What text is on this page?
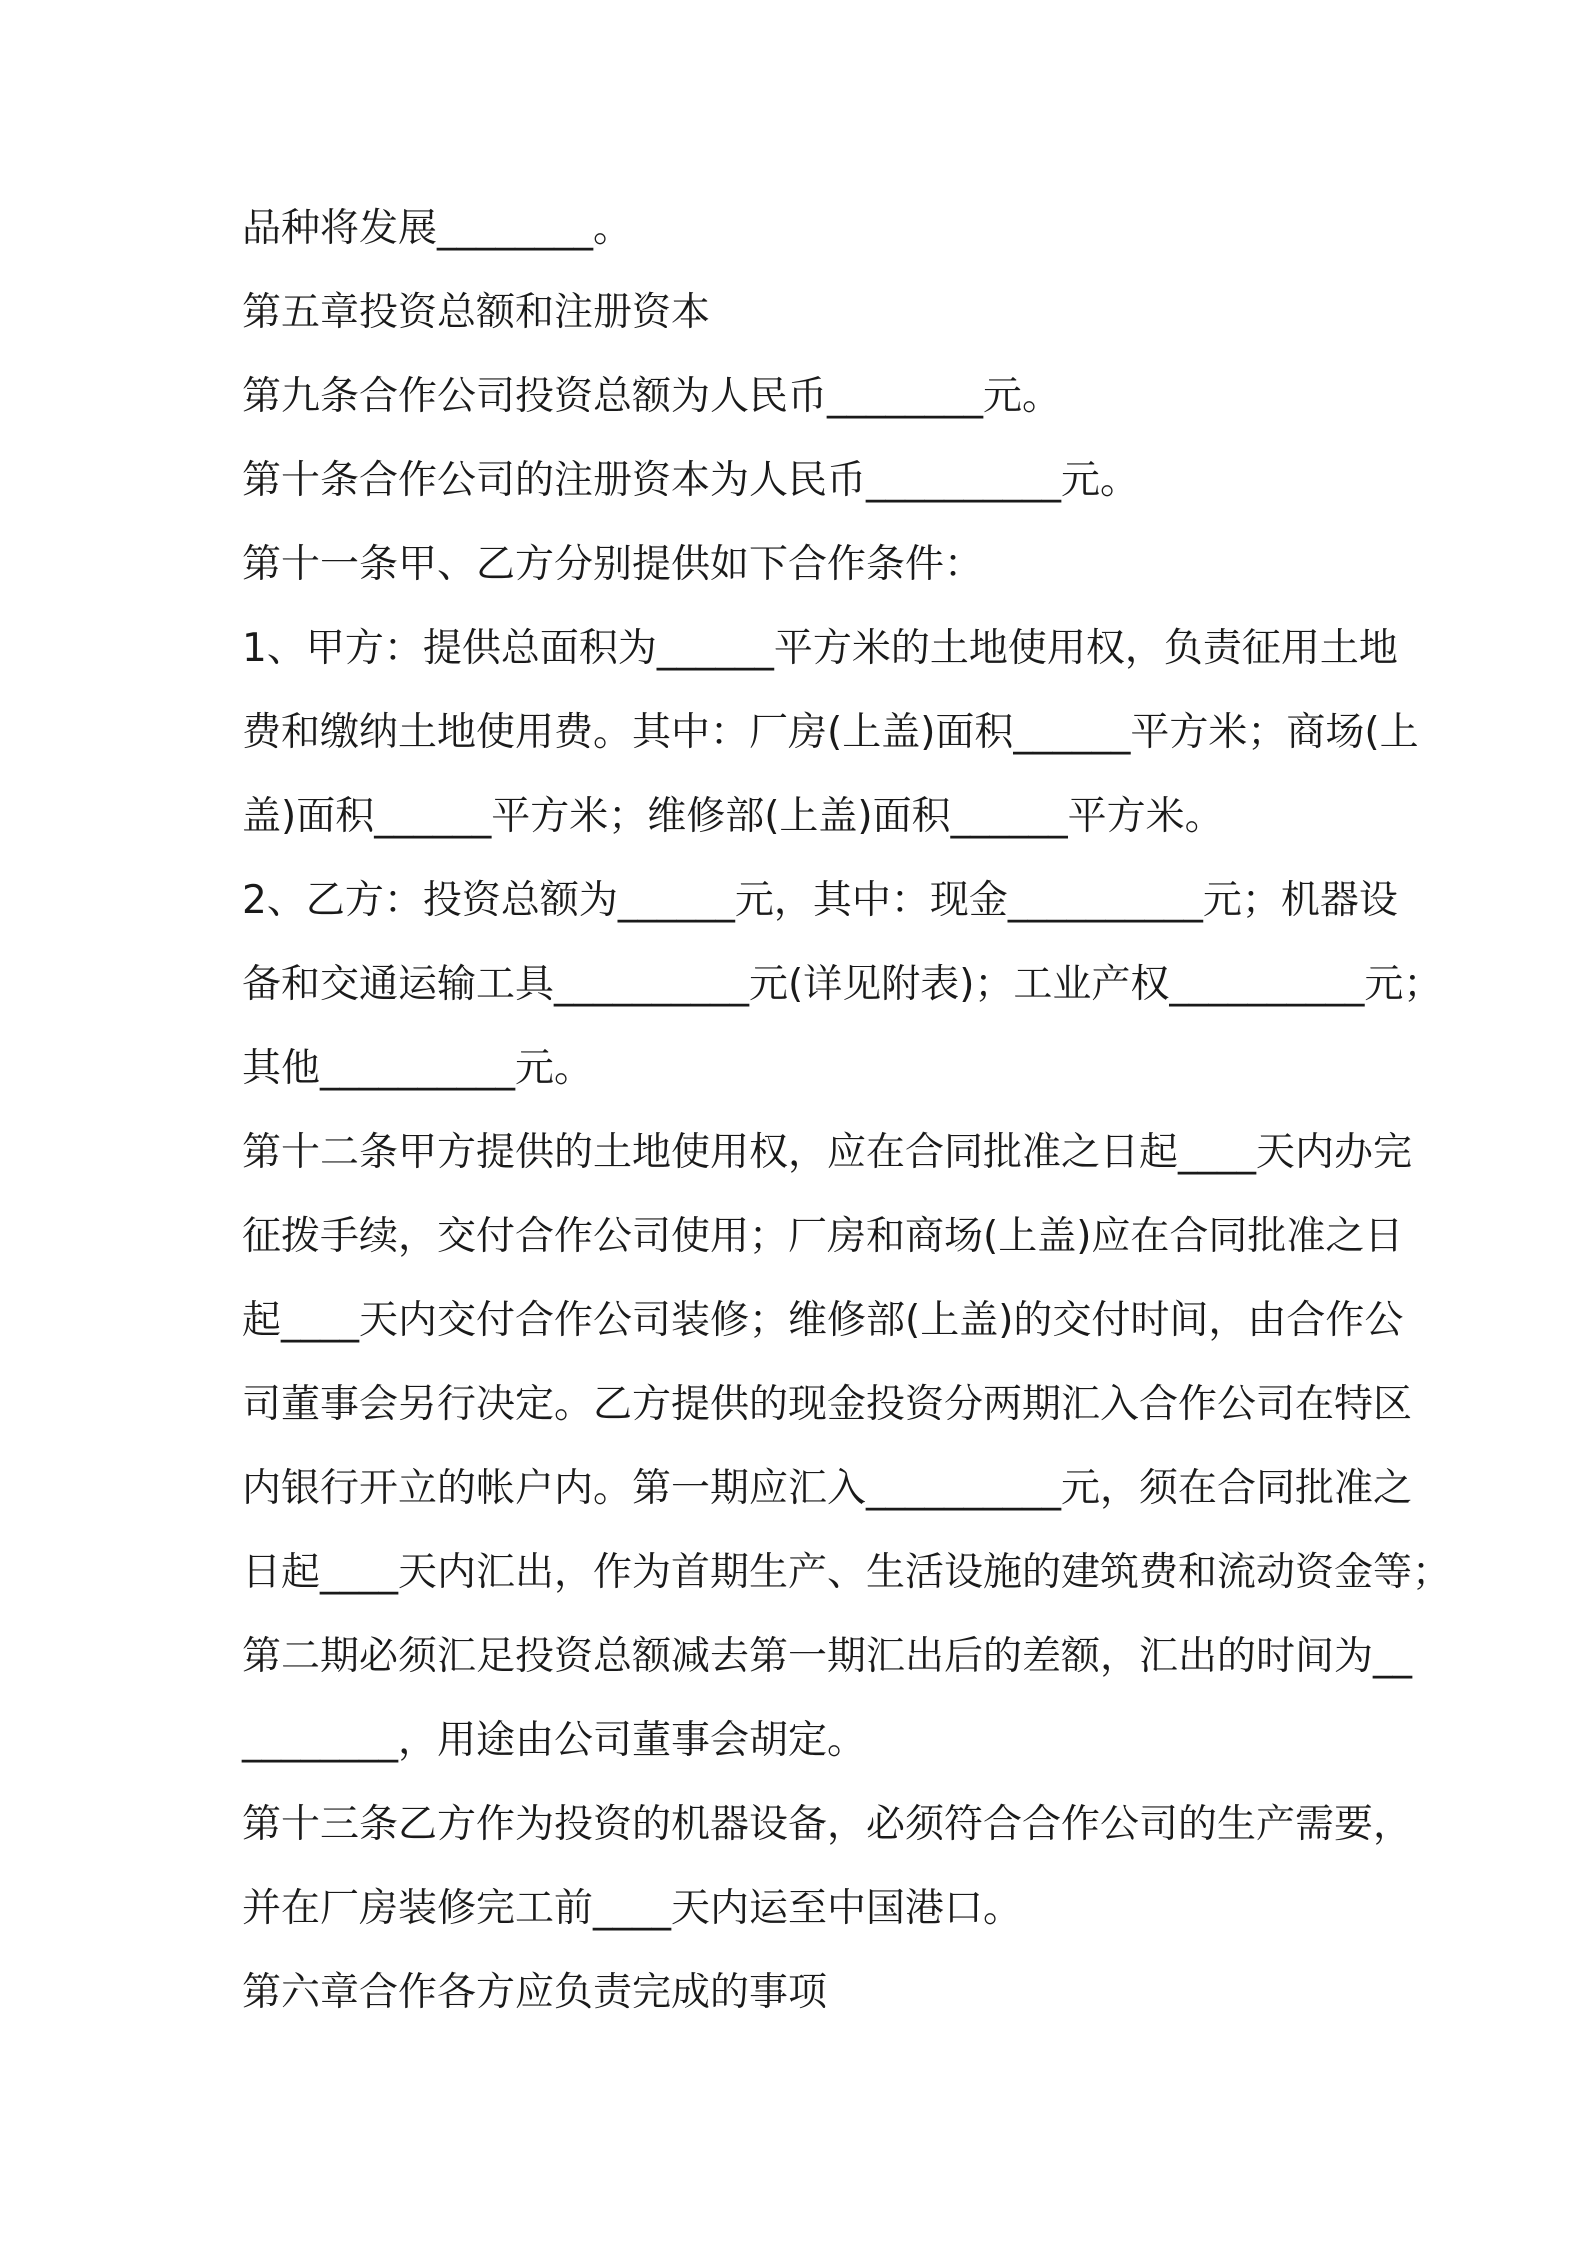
品种将发展________。
第五章投资总额和注册资本
第九条合作公司投资总额为人民币________元。
第十条合作公司的注册资本为人民币__________元。
第十一条甲、乙方分别提供如下合作条件：
1、甲方：提供总面积为______平方米的土地使用权，负责征用土地
费和缴纳土地使用费。其中：厂房(上盖)面积______平方米；商场(上
盖)面积______平方米；维修部(上盖)面积______平方米。
2、乙方：投资总额为______元，其中：现金__________元；机器设
备和交通运输工具__________元(详见附表)；工业产权__________元；
其他__________元。
第十二条甲方提供的土地使用权，应在合同批准之日起____天内办完
征拨手续，交付合作公司使用；厂房和商场(上盖)应在合同批准之日
起____天内交付合作公司装修；维修部(上盖)的交付时间，由合作公
司董事会另行决定。乙方提供的现金投资分两期汇入合作公司在特区
内银行开立的帐户内。第一期应汇入__________元，须在合同批准之
日起____天内汇出，作为首期生产、生活设施的建筑费和流动资金等；
第二期必须汇足投资总额减去第一期汇出后的差额，汇出的时间为__
________，用途由公司董事会胡定。
第十三条乙方作为投资的机器设备，必须符合合作公司的生产需要，
并在厂房装修完工前____天内运至中国港口。
第六章合作各方应负责完成的事项
